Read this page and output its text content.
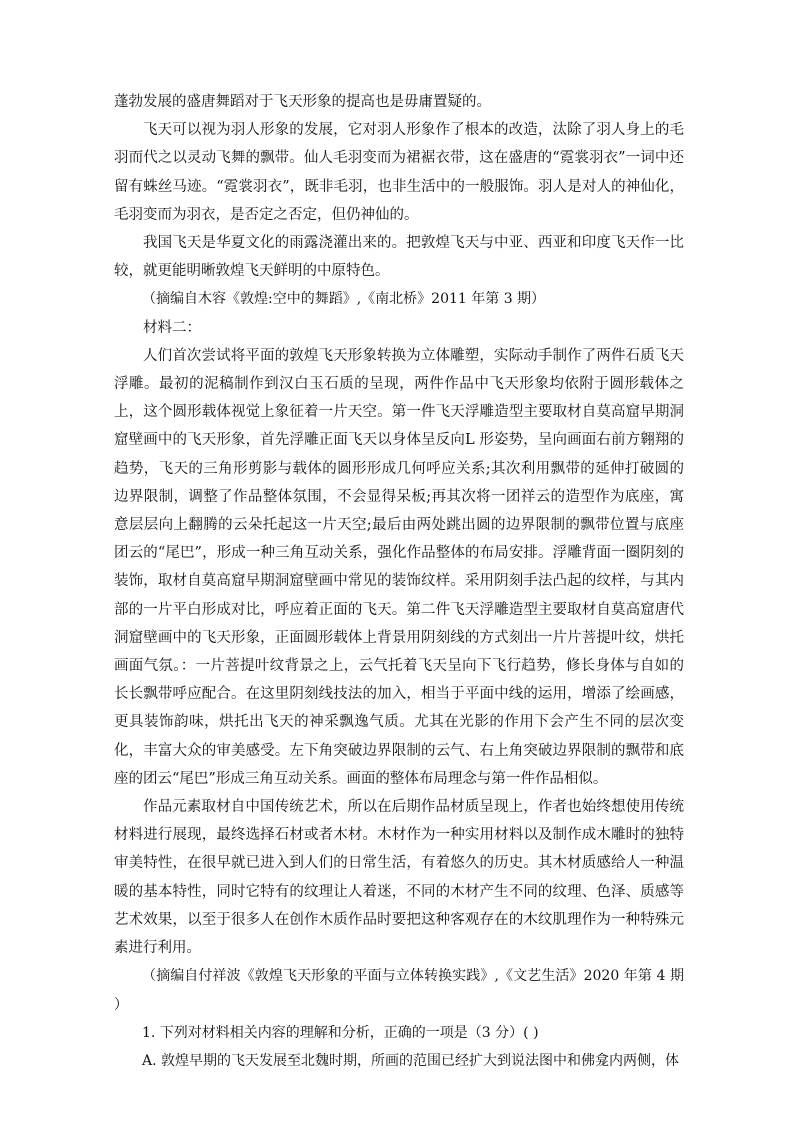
蓬勃发展的盛唐舞蹈对于飞天形象的提高也是毋庸置疑的。

飞天可以视为羽人形象的发展，它对羽人形象作了根本的改造，汰除了羽人身上的毛羽而代之以灵动飞舞的飘带。仙人毛羽变而为裙裾衣带，这在盛唐的“霓裳羽衣”一词中还留有蛛丝马迹。“霓裳羽衣”，既非毛羽，也非生活中的一般服饰。羽人是对人的神仙化，毛羽变而为羽衣，是否定之否定，但仍神仙的。

我国飞天是华夏文化的雨露浇灌出来的。把敦煌飞天与中亚、西亚和印度飞天作一比较，就更能明晰敦煌飞天鲜明的中原特色。

（摘编自木容《敦煌:空中的舞蹈》,《南北桥》2011 年第 3 期）

材料二：

人们首次尝试将平面的敦煌飞天形象转换为立体雕塑，实际动手制作了两件石质飞天浮雕。最初的泥稿制作到汉白玉石质的呈现，两件作品中飞天形象均依附于圆形载体之上，这个圆形载体视觉上象征着一片天空。第一件飞天浮雕造型主要取材自莫高窟早期洞窟壁画中的飞天形象，首先浮雕正面飞天以身体呈反向L 形姿势，呈向画面右前方翱翔的趋势，飞天的三角形剪影与载体的圆形形成几何呼应关系;其次利用飘带的延伸打破圆的边界限制，调整了作品整体氛围，不会显得呆板;再其次将一团祥云的造型作为底座，寓意层层向上翻腾的云朵托起这一片天空;最后由两处跳出圆的边界限制的飘带位置与底座团云的“尾巴”，形成一种三角互动关系，强化作品整体的布局安排。浮雕背面一圈阴刻的装饰，取材自莫高窟早期洞窟壁画中常见的装饰纹样。采用阴刻手法凸起的纹样，与其内部的一片平白形成对比，呼应着正面的飞天。第二件飞天浮雕造型主要取材自莫高窟唐代洞窟壁画中的飞天形象，正面圆形载体上背景用阴刻线的方式刻出一片片菩提叶纹，烘托画面气氛。：一片菩提叶纹背景之上，云气托着飞天呈向下飞行趋势，修长身体与自如的长长飘带呼应配合。在这里阴刻线技法的加入，相当于平面中线的运用，增添了绘画感，更具装饰韵味，烘托出飞天的神采飘逸气质。尤其在光影的作用下会产生不同的层次变化，丰富大众的审美感受。左下角突破边界限制的云气、右上角突破边界限制的飘带和底座的团云“尾巴”形成三角互动关系。画面的整体布局理念与第一件作品相似。

作品元素取材自中国传统艺术，所以在后期作品材质呈现上，作者也始终想使用传统材料进行展现，最终选择石材或者木材。木材作为一种实用材料以及制作成木雕时的独特审美特性，在很早就已进入到人们的日常生活，有着悠久的历史。其木材质感给人一种温暖的基本特性，同时它特有的纹理让人着迷，不同的木材产生不同的纹理、色泽、质感等艺术效果，以至于很多人在创作木质作品时要把这种客观存在的木纹肌理作为一种特殊元素进行利用。

（摘编自付祥波《敦煌飞天形象的平面与立体转换实践》,《文艺生活》2020 年第 4 期 ）

1. 下列对材料相关内容的理解和分析，正确的一项是（3 分）( )

A. 敦煌早期的飞天发展至北魏时期，所画的范围已经扩大到说法图中和佛龛内两侧，体
